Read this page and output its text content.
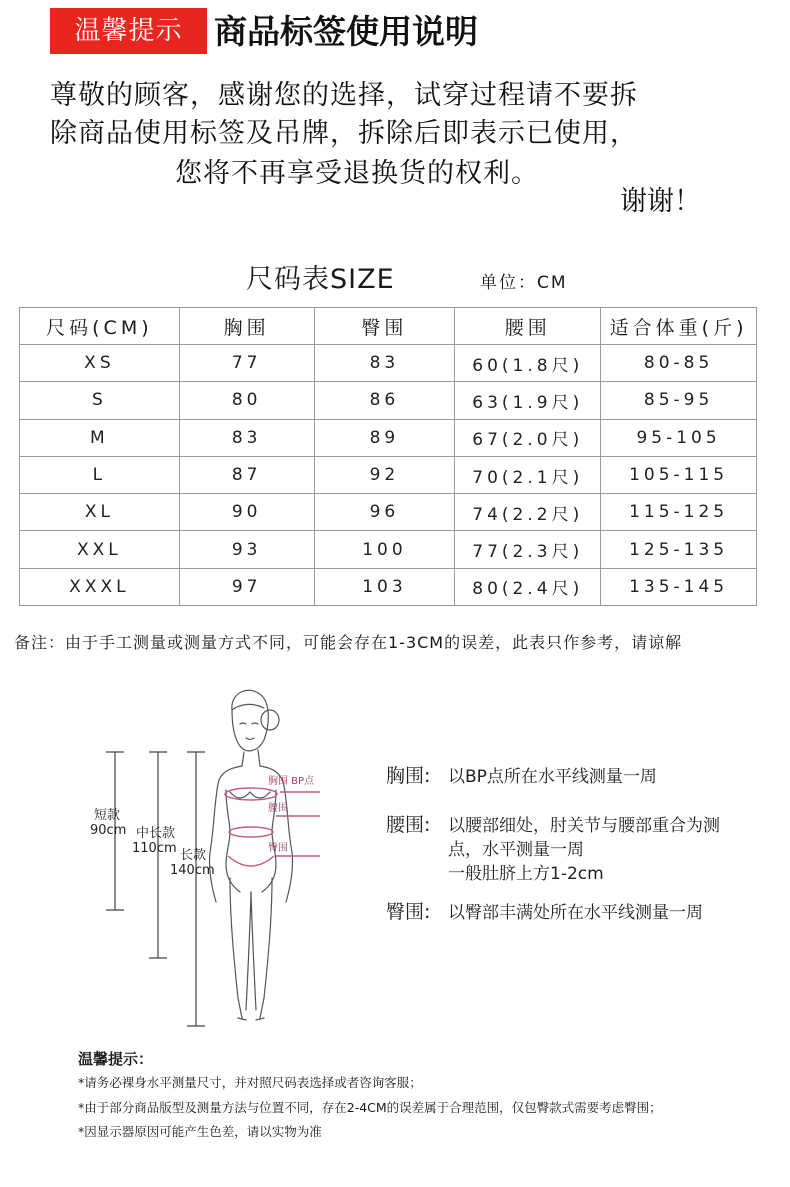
温馨提示 商品标签使用说明
尊敬的顾客，感谢您的选择，试穿过程请不要拆
除商品使用标签及吊牌，拆除后即表示已使用，
您将不再享受退换货的权利。
谢谢！
尺码表SIZE	单位：CM
尺码(CM)	胸围	臀围	腰围	适合体重(斤)
XS	77	83	60(1.8尺)	80-85
S	80	86	63(1.9尺)	85-95
M	83	89	67(2.0尺)	95-105
L	87	92	70(2.1尺)	105-115
XL	90	96	74(2.2尺)	115-125
XXL	93	100	77(2.3尺)	125-135
XXXL	97	103	80(2.4尺)	135-145
备注：由于手工测量或测量方式不同，可能会存在1-3CM的误差，此表只作参考，请谅解
短款
90cm 中长款
110cm 长款
140cm
胸围 BP点
腰围
臀围
胸围: 以BP点所在水平线测量一周
腰围: 以腰部细处，肘关节与腰部重合为测
点，水平测量一周
一般肚脐上方1-2cm
臀围: 以臀部丰满处所在水平线测量一周
温馨提示：
*请务必裸身水平测量尺寸，并对照尺码表选择或者咨询客服；
*由于部分商品版型及测量方法与位置不同，存在2-4CM的误差属于合理范围，仅包臀款式需要考虑臀围；
*因显示器原因可能产生色差，请以实物为准
